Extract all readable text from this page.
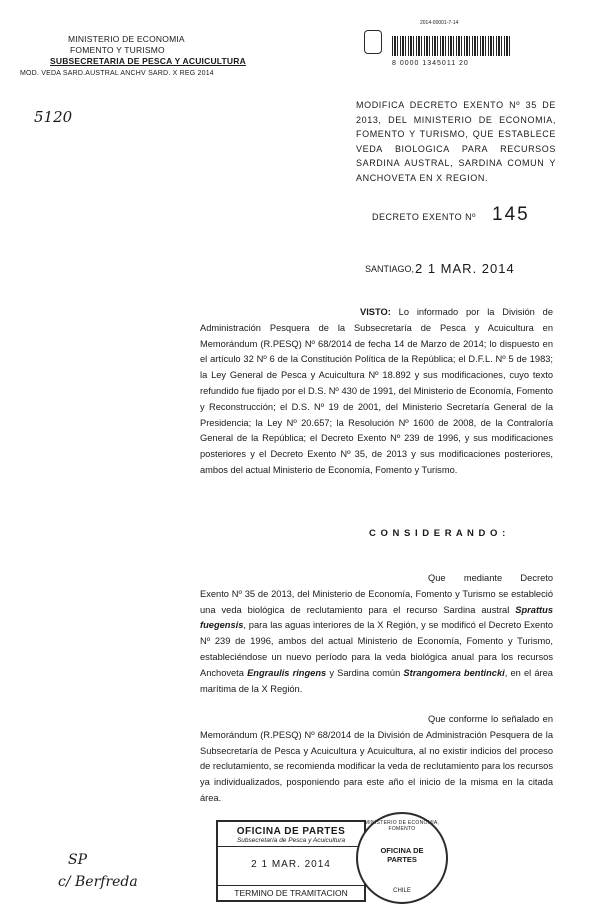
MINISTERIO DE ECONOMIA
FOMENTO Y TURISMO
SUBSECRETARIA DE PESCA Y ACUICULTURA
MOD. VEDA SARD.AUSTRAL ANCHV SARD. X REG 2014
2014-00001-7-14
8 0000 1345011 20
5120
MODIFICA DECRETO EXENTO Nº 35 DE 2013, DEL MINISTERIO DE ECONOMIA, FOMENTO Y TURISMO, QUE ESTABLECE VEDA BIOLOGICA PARA RECURSOS SARDINA AUSTRAL, SARDINA COMUN Y ANCHOVETA EN X REGION.
DECRETO EXENTO Nº 145
SANTIAGO, 2 1 MAR. 2014
VISTO: Lo informado por la División de Administración Pesquera de la Subsecretaría de Pesca y Acuicultura en Memorándum (R.PESQ) Nº 68/2014 de fecha 14 de Marzo de 2014; lo dispuesto en el artículo 32 Nº 6 de la Constitución Política de la República; el D.F.L. Nº 5 de 1983; la Ley General de Pesca y Acuicultura Nº 18.892 y sus modificaciones, cuyo texto refundido fue fijado por el D.S. Nº 430 de 1991, del Ministerio de Economía, Fomento y Reconstrucción; el D.S. Nº 19 de 2001, del Ministerio Secretaría General de la Presidencia; la Ley Nº 20.657; la Resolución Nº 1600 de 2008, de la Contraloría General de la República; el Decreto Exento Nº 239 de 1996, y sus modificaciones posteriores y el Decreto Exento Nº 35, de 2013 y sus modificaciones posteriores, ambos del actual Ministerio de Economía, Fomento y Turismo.
C O N S I D E R A N D O :
Que mediante Decreto Exento Nº 35 de 2013, del Ministerio de Economía, Fomento y Turismo se estableció una veda biológica de reclutamiento para el recurso Sardina austral Sprattus fuegensis, para las aguas interiores de la X Región, y se modificó el Decreto Exento Nº 239 de 1996, ambos del actual Ministerio de Economía, Fomento y Turismo, estableciéndose un nuevo período para la veda biológica anual para los recursos Anchoveta Engraulis ringens y Sardina común Strangomera bentincki, en el área marítima de la X Región.
Que conforme lo señalado en Memorándum (R.PESQ) Nº 68/2014 de la División de Administración Pesquera de la Subsecretaría de Pesca y Acuicultura y Acuicultura, al no existir indicios del proceso de reclutamiento, se recomienda modificar la veda de reclutamiento para los recursos ya individualizados, posponiendo para este año el inicio de la misma en la citada área.
OFICINA DE PARTES
Subsecretaría de Pesca y Acuicultura
2 1 MAR. 2014
TERMINO DE TRAMITACION
MINISTERIO DE ECONOMIA, FOMENTO
OFICINA DE PARTES
CHILE
SP
c/ Berfreda
